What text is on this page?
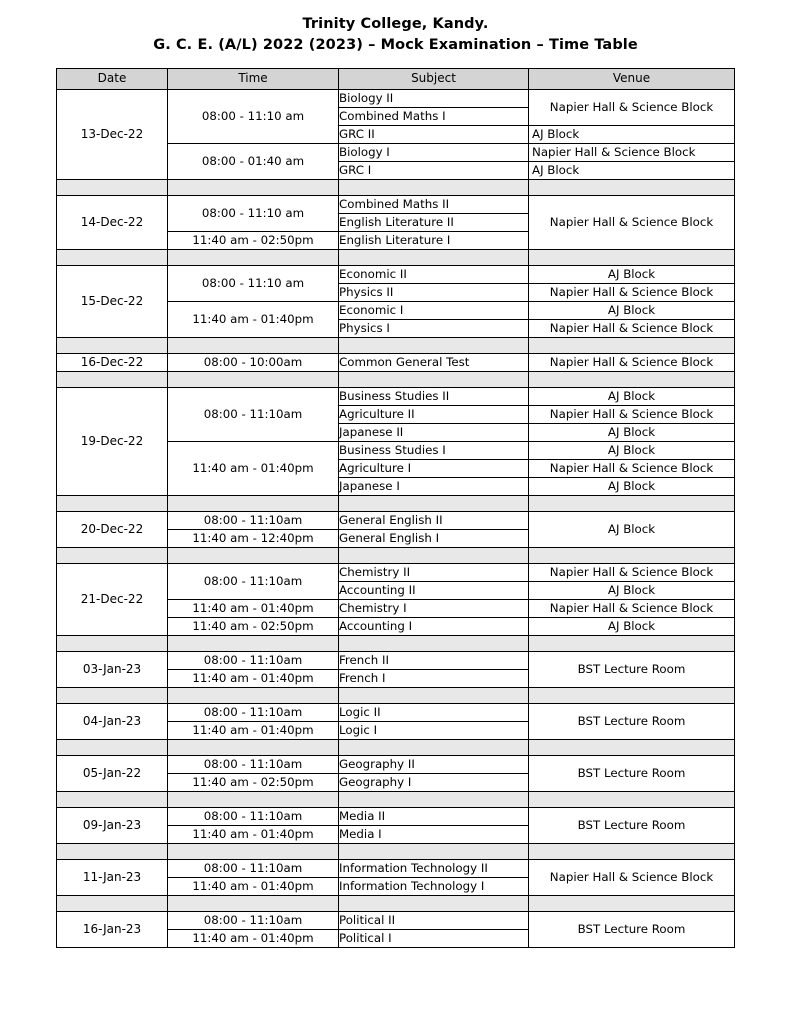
Trinity College, Kandy.
G. C. E. (A/L) 2022 (2023) – Mock Examination – Time Table
Date	Time	Subject	Venue
13-Dec-22	08:00 - 11:10 am	Biology II	Napier Hall & Science Block
		Combined Maths I	
		GRC II	AJ Block
	08:00 - 01:40 am	Biology I	Napier Hall & Science Block
		GRC I	AJ Block

14-Dec-22	08:00 - 11:10 am	Combined Maths II	Napier Hall & Science Block
		English Literature II	
	11:40 am - 02:50pm	English Literature I	

15-Dec-22	08:00 - 11:10 am	Economic II	AJ Block
		Physics II	Napier Hall & Science Block
	11:40 am - 01:40pm	Economic I	AJ Block
		Physics I	Napier Hall & Science Block

16-Dec-22	08:00 - 10:00am	Common General Test	Napier Hall & Science Block

19-Dec-22	08:00 - 11:10am	Business Studies II	AJ Block
		Agriculture II	Napier Hall & Science Block
		Japanese II	AJ Block
	11:40 am - 01:40pm	Business Studies I	AJ Block
		Agriculture I	Napier Hall & Science Block
		Japanese I	AJ Block

20-Dec-22	08:00 - 11:10am	General English II	AJ Block
	11:40 am - 12:40pm	General English I	

21-Dec-22	08:00 - 11:10am	Chemistry II	Napier Hall & Science Block
		Accounting II	AJ Block
	11:40 am - 01:40pm	Chemistry I	Napier Hall & Science Block
	11:40 am - 02:50pm	Accounting I	AJ Block

03-Jan-23	08:00 - 11:10am	French II	BST Lecture Room
	11:40 am - 01:40pm	French I	

04-Jan-23	08:00 - 11:10am	Logic II	BST Lecture Room
	11:40 am - 01:40pm	Logic I	

05-Jan-22	08:00 - 11:10am	Geography II	BST Lecture Room
	11:40 am - 02:50pm	Geography I	

09-Jan-23	08:00 - 11:10am	Media II	BST Lecture Room
	11:40 am - 01:40pm	Media I	

11-Jan-23	08:00 - 11:10am	Information Technology II	Napier Hall & Science Block
	11:40 am - 01:40pm	Information Technology I	

16-Jan-23	08:00 - 11:10am	Political II	BST Lecture Room
	11:40 am - 01:40pm	Political I	
